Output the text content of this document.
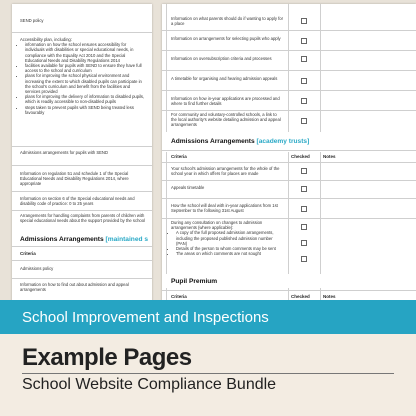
SEND policy
Accessibility plan, including:
• information on how the school ensures accessibility for individuals with disabilities or special educational needs, in compliance with the Equality Act 2010 and the Special Educational Needs and Disability Regulations 2014
• facilities available for pupils with SEND to ensure they have full access to the school and curriculum
• plans for improving the school physical environment and increasing the extent to which disabled pupils can participate in the school's curriculum and benefit from the facilities and services provided
• plans for improving the delivery of information to disabled pupils, which is readily accessible to non-disabled pupils
• steps taken to prevent pupils with SEND being treated less favourably
Admissions arrangements for pupils with SEND
Information on regulation 51 and schedule 1 of the Special Educational Needs and Disability Regulations 2014, where appropriate
Information on section 6 of the Special educational needs and disability code of practice: 0 to 25 years
Arrangements for handling complaints from parents of children with special educational needs about the support provided by the school
Admissions Arrangements [maintained s
Criteria
Admissions policy
Information on how to find out about admission and appeal arrangements
Information on what parents should do if wanting to apply for a place
Information on arrangements for selecting pupils who apply
Information on oversubscription criteria and processes
A timetable for organising and hearing admission appeals
Information on how in-year applications are processed and where to find further details
For community and voluntary-controlled schools, a link to the local authority's website detailing admission and appeal arrangements
Admissions Arrangements [academy trusts]
Criteria	Checked	Notes
Your school's admission arrangements for the whole of the school year in which offers for places are made
Appeals timetable
How the school will deal with in-year applications from 1st September to the following 31st August
During any consultation on changes to admission arrangements (where applicable):
• A copy of the full proposed admission arrangements, including the proposed published admission number (PAN)
• Details of the person to whom comments may be sent
• The areas on which comments are not sought
Pupil Premium
Criteria	Checked	Notes
School Improvement and Inspections
Example Pages
School Website Compliance Bundle
